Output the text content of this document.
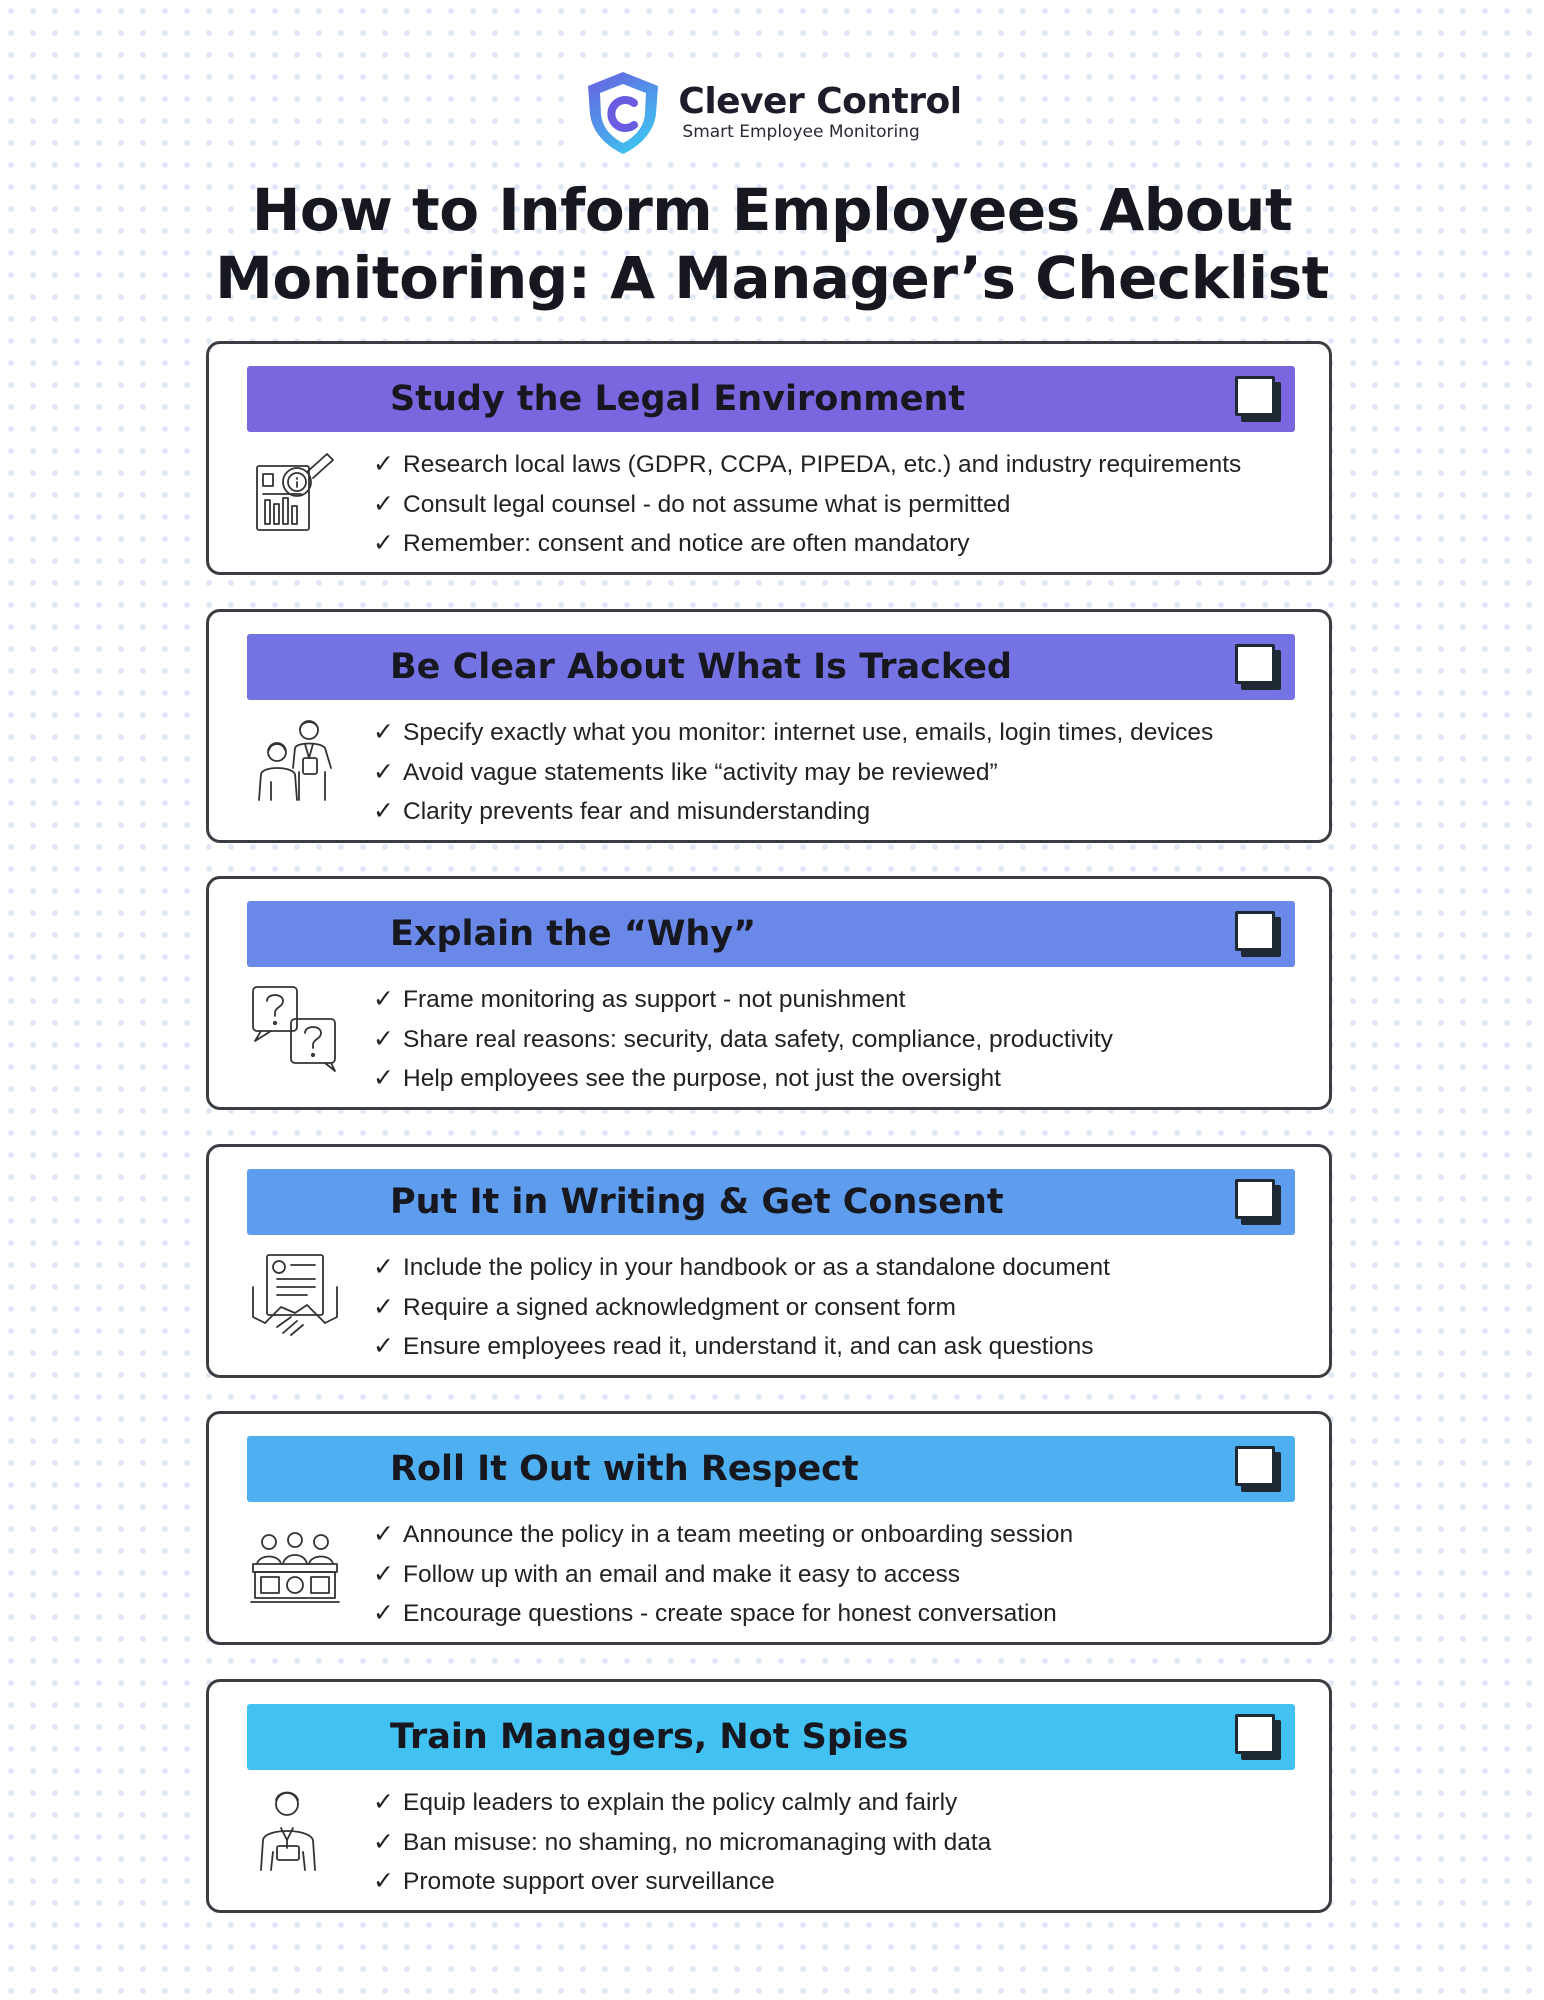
Clever Control
Smart Employee Monitoring
How to Inform Employees About
Monitoring: A Manager’s Checklist
Study the Legal Environment
✓ Research local laws (GDPR, CCPA, PIPEDA, etc.) and industry requirements
✓ Consult legal counsel - do not assume what is permitted
✓ Remember: consent and notice are often mandatory
Be Clear About What Is Tracked
✓ Specify exactly what you monitor: internet use, emails, login times, devices
✓ Avoid vague statements like “activity may be reviewed”
✓ Clarity prevents fear and misunderstanding
Explain the “Why”
✓ Frame monitoring as support - not punishment
✓ Share real reasons: security, data safety, compliance, productivity
✓ Help employees see the purpose, not just the oversight
Put It in Writing & Get Consent
✓ Include the policy in your handbook or as a standalone document
✓ Require a signed acknowledgment or consent form
✓ Ensure employees read it, understand it, and can ask questions
Roll It Out with Respect
✓ Announce the policy in a team meeting or onboarding session
✓ Follow up with an email and make it easy to access
✓ Encourage questions - create space for honest conversation
Train Managers, Not Spies
✓ Equip leaders to explain the policy calmly and fairly
✓ Ban misuse: no shaming, no micromanaging with data
✓ Promote support over surveillance
